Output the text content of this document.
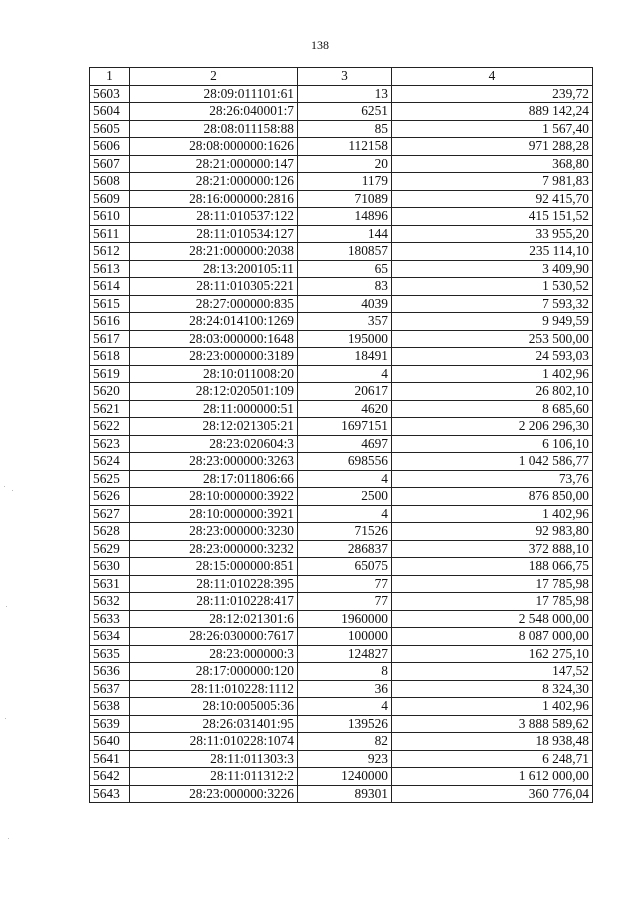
138
1	2	3	4
5603	28:09:011101:61	13	239,72
5604	28:26:040001:7	6251	889 142,24
5605	28:08:011158:88	85	1 567,40
5606	28:08:000000:1626	112158	971 288,28
5607	28:21:000000:147	20	368,80
5608	28:21:000000:126	1179	7 981,83
5609	28:16:000000:2816	71089	92 415,70
5610	28:11:010537:122	14896	415 151,52
5611	28:11:010534:127	144	33 955,20
5612	28:21:000000:2038	180857	235 114,10
5613	28:13:200105:11	65	3 409,90
5614	28:11:010305:221	83	1 530,52
5615	28:27:000000:835	4039	7 593,32
5616	28:24:014100:1269	357	9 949,59
5617	28:03:000000:1648	195000	253 500,00
5618	28:23:000000:3189	18491	24 593,03
5619	28:10:011008:20	4	1 402,96
5620	28:12:020501:109	20617	26 802,10
5621	28:11:000000:51	4620	8 685,60
5622	28:12:021305:21	1697151	2 206 296,30
5623	28:23:020604:3	4697	6 106,10
5624	28:23:000000:3263	698556	1 042 586,77
5625	28:17:011806:66	4	73,76
5626	28:10:000000:3922	2500	876 850,00
5627	28:10:000000:3921	4	1 402,96
5628	28:23:000000:3230	71526	92 983,80
5629	28:23:000000:3232	286837	372 888,10
5630	28:15:000000:851	65075	188 066,75
5631	28:11:010228:395	77	17 785,98
5632	28:11:010228:417	77	17 785,98
5633	28:12:021301:6	1960000	2 548 000,00
5634	28:26:030000:7617	100000	8 087 000,00
5635	28:23:000000:3	124827	162 275,10
5636	28:17:000000:120	8	147,52
5637	28:11:010228:1112	36	8 324,30
5638	28:10:005005:36	4	1 402,96
5639	28:26:031401:95	139526	3 888 589,62
5640	28:11:010228:1074	82	18 938,48
5641	28:11:011303:3	923	6 248,71
5642	28:11:011312:2	1240000	1 612 000,00
5643	28:23:000000:3226	89301	360 776,04
